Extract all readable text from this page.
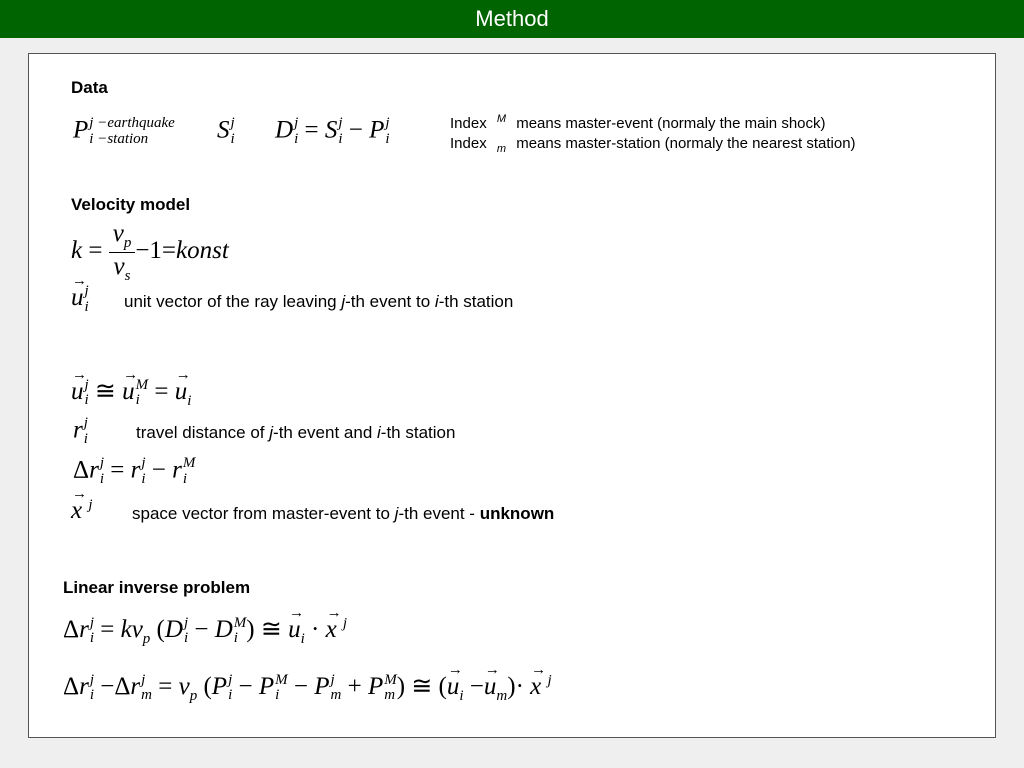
Method
Data
P j −earthquake
i −station	S j
i D j
i = S j
i − P j
i
Index $^M$ means master-event (normaly the main shock)
Index $_m$ means master-station (normaly the nearest station)
Velocity model
$k = \frac{v_p}{v_s}$ −1=konst
→ u j
i unit vector of the ray leaving j-th event to i-th station
→ u j
i ≅ → u M
i = → $u_i$
r j
i	travel distance of j-th event and i-th station
Δr j
i = r j
i − r M
i
→ x $^j$ space vector from master-event to j-th event - unknown
Linear inverse problem
Δr j
$i = kv_p$ (D j
i − D M
i ) ≅ → $u_i$ · → x $^j$
Δr j
i −Δr j
$m = v_p$ (P j
i − P M
i − P j
m + P M
m ) ≅ (→ $u_i -\to u_m)\cdot \to x$ $^j$
